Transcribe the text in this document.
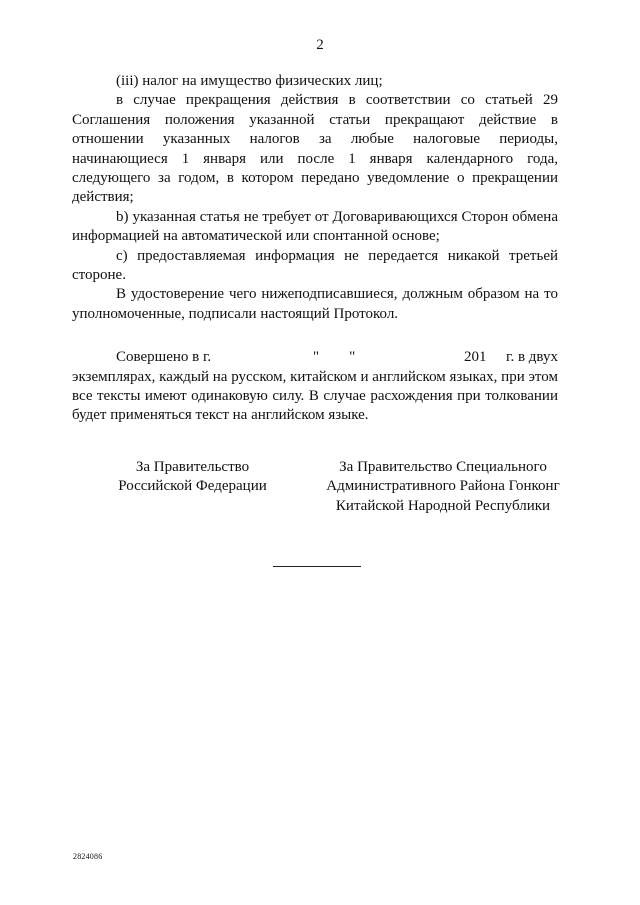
2

(iii) налог на имущество физических лиц;

в случае прекращения действия в соответствии со статьей 29 Соглашения положения указанной статьи прекращают действие в отношении указанных налогов за любые налоговые периоды, начинающиеся 1 января или после 1 января календарного года, следующего за годом, в котором передано уведомление о прекращении действия;

b) указанная статья не требует от Договаривающихся Сторон обмена информацией на автоматической или спонтанной основе;

c) предоставляемая информация не передается никакой третьей стороне.

В удостоверение чего нижеподписавшиеся, должным образом на то уполномоченные, подписали настоящий Протокол.

Совершено в г.	"        "	201 г. в двух

экземплярах, каждый на русском, китайском и английском языках, при этом все тексты имеют одинаковую силу. В случае расхождения при толковании будет применяться текст на английском языке.

За Правительство
Российской Федерации
За Правительство Специального
Административного Района Гонконг
Китайской Народной Республики
2824086
